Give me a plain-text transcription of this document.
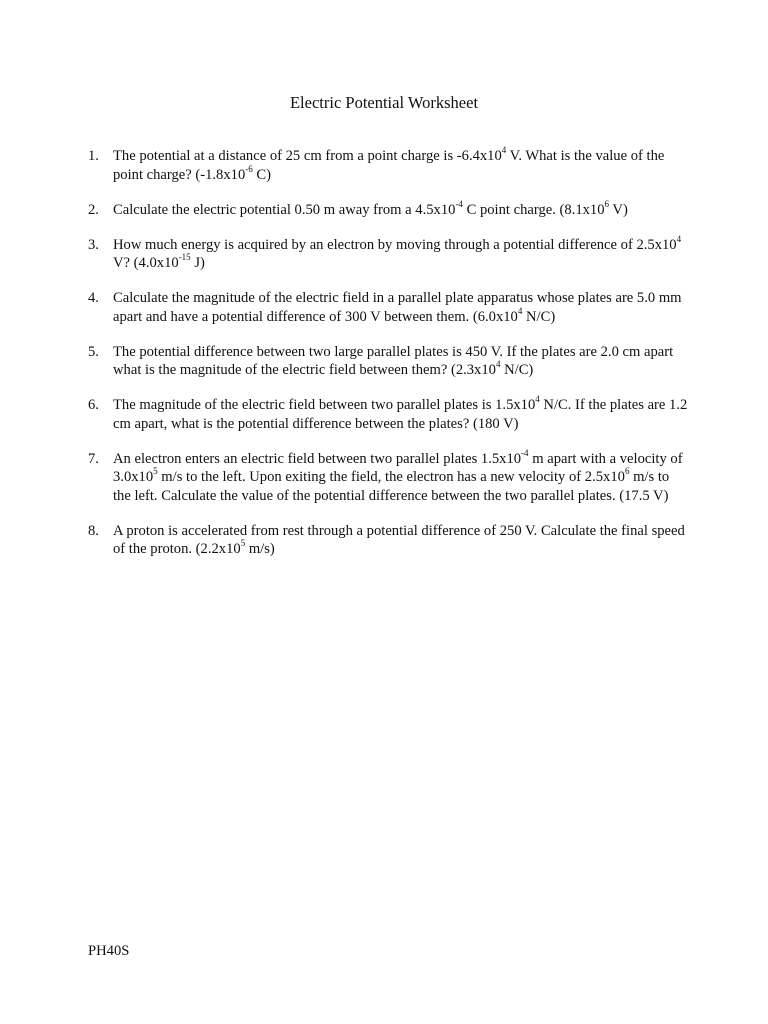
Electric Potential Worksheet
1. The potential at a distance of 25 cm from a point charge is $-6.4x10^4$ V. What is the value of the point charge? ($-1.8x10^{-6}$ C)
2. Calculate the electric potential 0.50 m away from a $4.5x10^{-4}$ C point charge. ($8.1x10^6$ V)
3. How much energy is acquired by an electron by moving through a potential difference of $2.5x10^4$ V? ($4.0x10^{-15}$ J)
4. Calculate the magnitude of the electric field in a parallel plate apparatus whose plates are 5.0 mm apart and have a potential difference of 300 V between them. ($6.0x10^4$ N/C)
5. The potential difference between two large parallel plates is 450 V. If the plates are 2.0 cm apart what is the magnitude of the electric field between them? ($2.3x10^4$ N/C)
6. The magnitude of the electric field between two parallel plates is $1.5x10^4$ N/C. If the plates are 1.2 cm apart, what is the potential difference between the plates? (180 V)
7. An electron enters an electric field between two parallel plates $1.5x10^{-4}$ m apart with a velocity of $3.0x10^5$ m/s to the left. Upon exiting the field, the electron has a new velocity of $2.5x10^6$ m/s to the left. Calculate the value of the potential difference between the two parallel plates. (17.5 V)
8. A proton is accelerated from rest through a potential difference of 250 V. Calculate the final speed of the proton. ($2.2x10^5$ m/s)
PH40S
